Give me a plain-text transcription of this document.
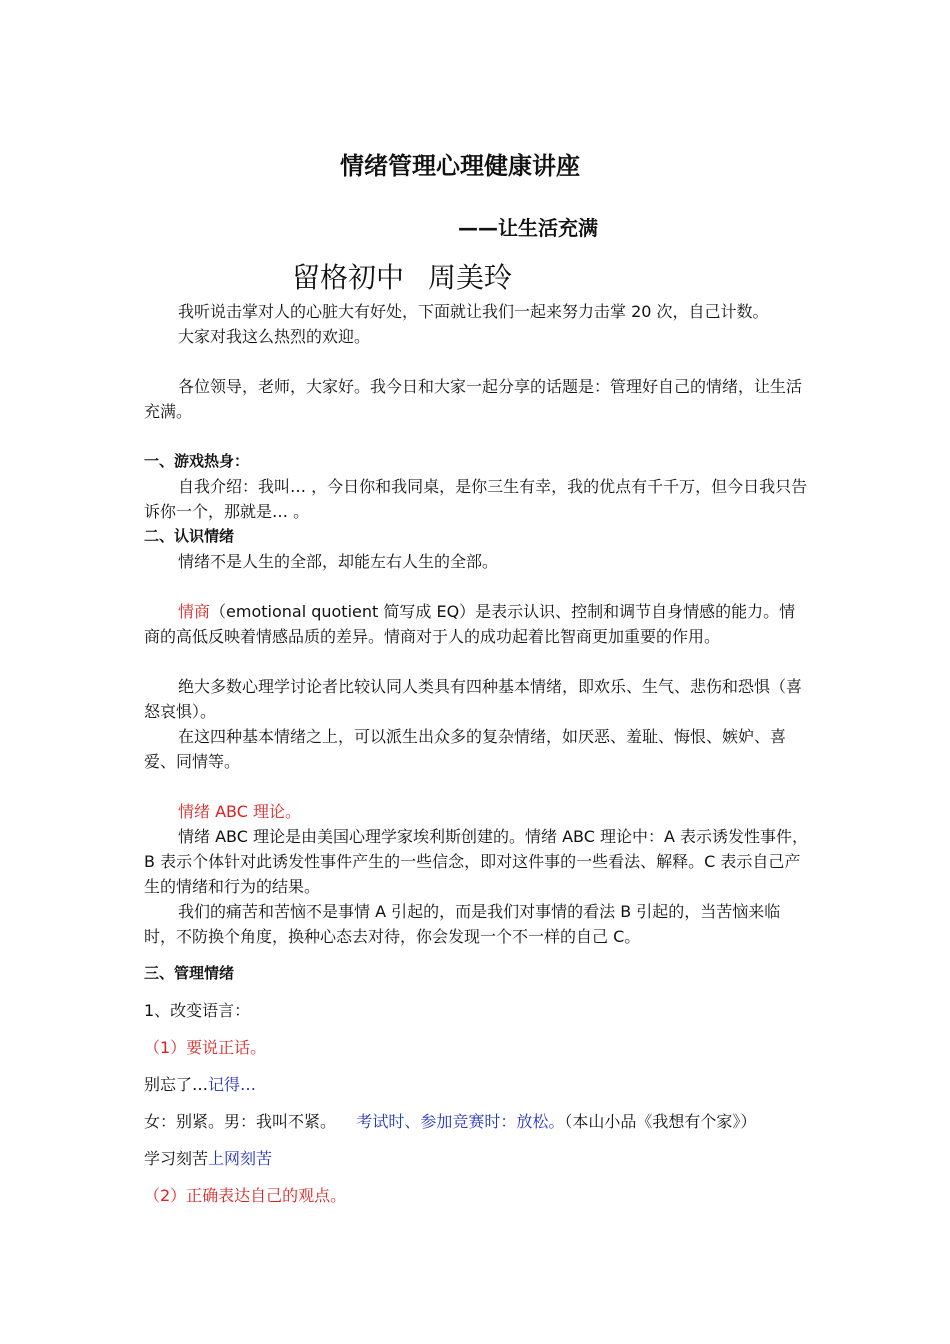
情绪管理心理健康讲座
——让生活充满
留格初中 周美玲

我听说击掌对人的心脏大有好处，下面就让我们一起来努力击掌 20 次，自己计数。

大家对我这么热烈的欢迎。

各位领导，老师，大家好。我今日和大家一起分享的话题是：管理好自己的情绪，让生活充满。

一、游戏热身：

自我介绍：我叫… ，今日你和我同桌，是你三生有幸，我的优点有千千万，但今日我只告诉你一个，那就是… 。

二、认识情绪

情绪不是人生的全部，却能左右人生的全部。

情商（emotional quotient 简写成 EQ）是表示认识、控制和调节自身情感的能力。情商的高低反映着情感品质的差异。情商对于人的成功起着比智商更加重要的作用。

绝大多数心理学讨论者比较认同人类具有四种基本情绪，即欢乐、生气、悲伤和恐惧（喜怒哀惧）。

在这四种基本情绪之上，可以派生出众多的复杂情绪，如厌恶、羞耻、悔恨、嫉妒、喜爱、同情等。

情绪 ABC 理论。

情绪 ABC 理论是由美国心理学家埃利斯创建的。情绪 ABC 理论中：A 表示诱发性事件，B 表示个体针对此诱发性事件产生的一些信念，即对这件事的一些看法、解释。C 表示自己产生的情绪和行为的结果。

我们的痛苦和苦恼不是事情 A 引起的，而是我们对事情的看法 B 引起的，当苦恼来临时，不防换个角度，换种心态去对待，你会发现一个不一样的自己 C。

三、管理情绪

1、改变语言：

（1）要说正话。

别忘了…记得…

女：别紧。男：我叫不紧。 考试时、参加竞赛时：放松。（本山小品《我想有个家》）

学习刻苦上网刻苦

（2）正确表达自己的观点。
